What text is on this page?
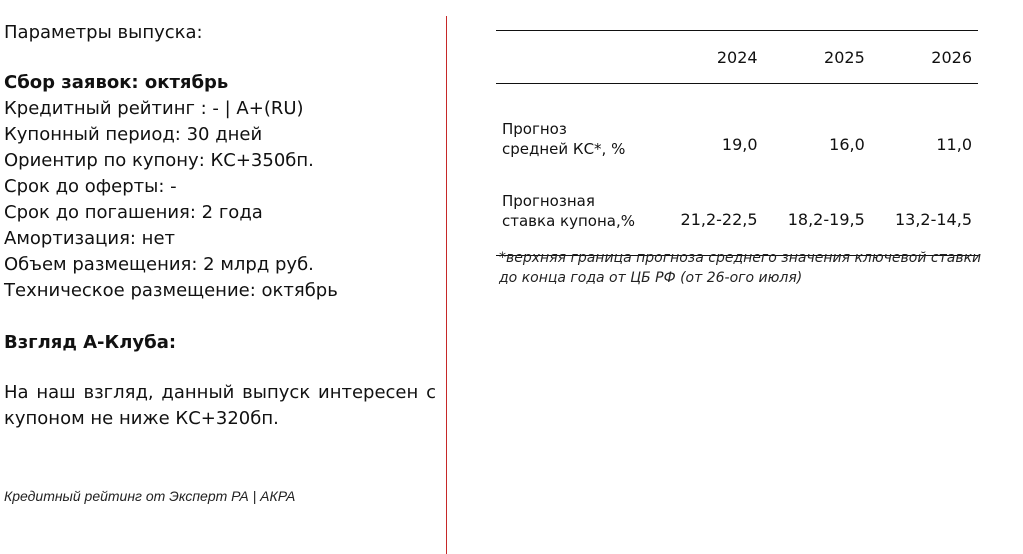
Параметры выпуска:

Сбор заявок: октябрь
Кредитный рейтинг : - | A+(RU)
Купонный период: 30 дней
Ориентир по купону: КС+350бп.
Срок до оферты: -
Срок до погашения: 2 года
Амортизация: нет
Объем размещения: 2 млрд руб.
Техническое размещение: октябрь
Взгляд А-Клуба:
На наш взгляд, данный выпуск интересен с купоном не ниже КС+320бп.
Кредитный рейтинг от Эксперт РА | АКРА
	2024	2025	2026

Прогноз
средней КС*, %	19,0	16,0	11,0

Прогнозная
ставка купона,%	21,2-22,5	18,2-19,5	13,2-14,5
*верхняя граница прогноза среднего значения ключевой ставки до конца года от ЦБ РФ (от 26-ого июля)
